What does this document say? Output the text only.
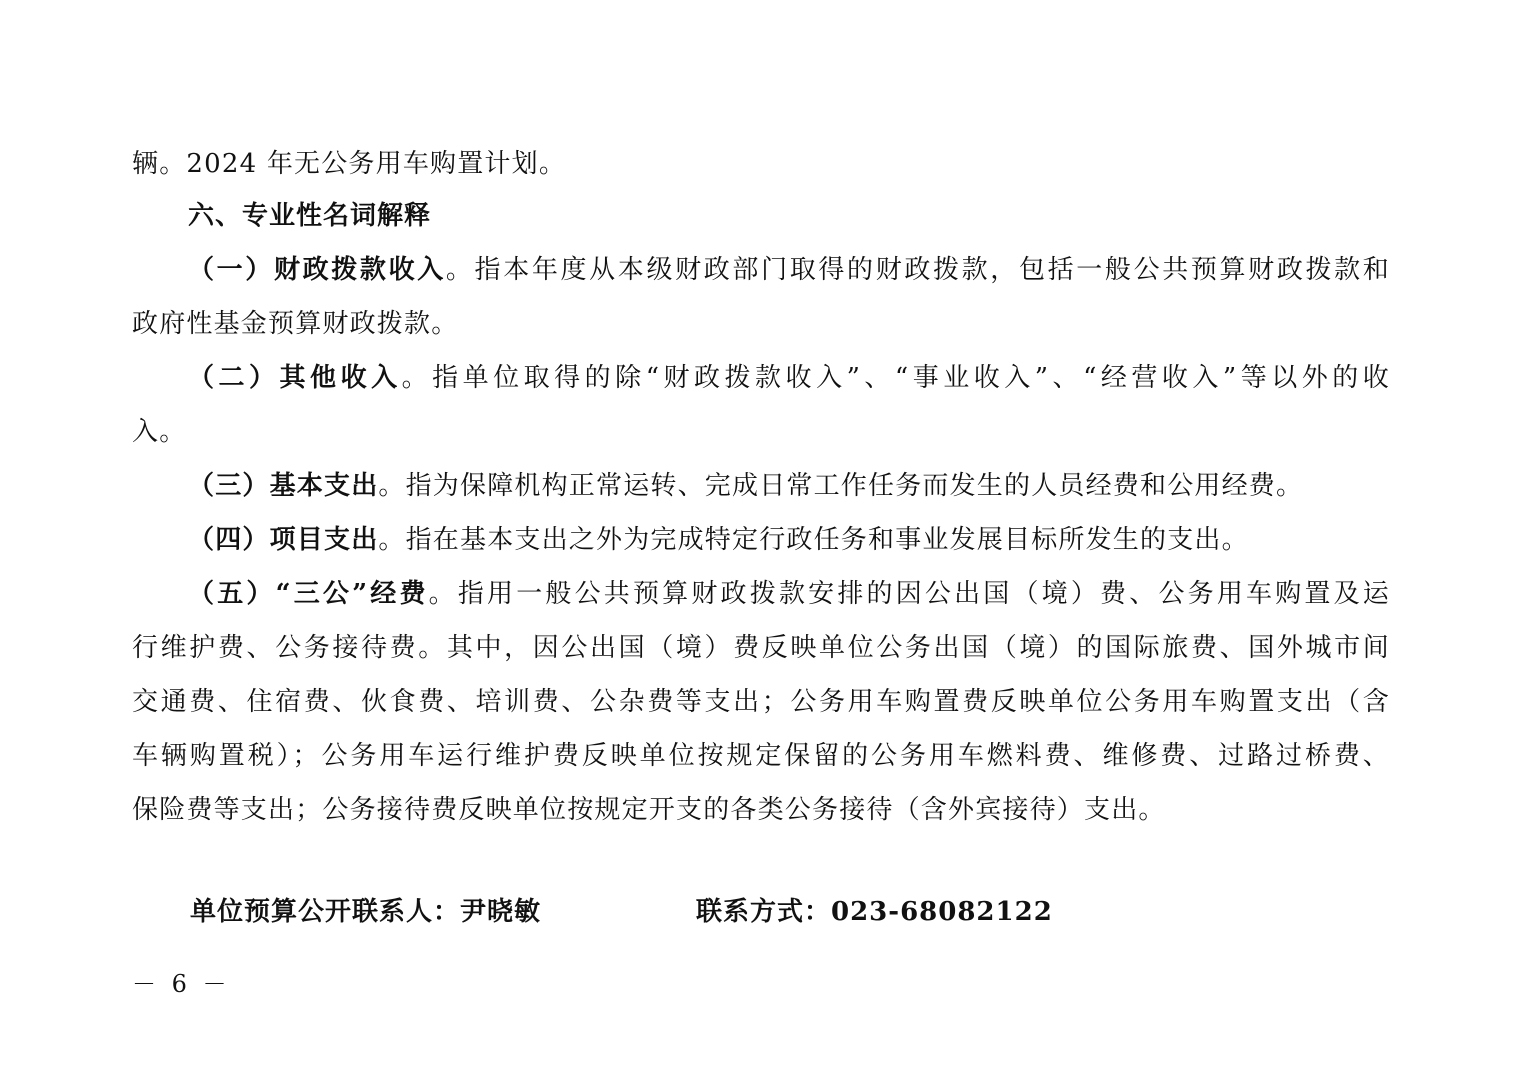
辆。2024 年无公务用车购置计划。
六、专业性名词解释
（一）财政拨款收入。指本年度从本级财政部门取得的财政拨款，包括一般公共预算财政拨款和
政府性基金预算财政拨款。
（二）其他收入。指单位取得的除“财政拨款收入”、“事业收入”、“经营收入”等以外的收
入。
（三）基本支出。指为保障机构正常运转、完成日常工作任务而发生的人员经费和公用经费。
（四）项目支出。指在基本支出之外为完成特定行政任务和事业发展目标所发生的支出。
（五）“三公”经费。指用一般公共预算财政拨款安排的因公出国（境）费、公务用车购置及运
行维护费、公务接待费。其中，因公出国（境）费反映单位公务出国（境）的国际旅费、国外城市间
交通费、住宿费、伙食费、培训费、公杂费等支出；公务用车购置费反映单位公务用车购置支出（含
车辆购置税）；公务用车运行维护费反映单位按规定保留的公务用车燃料费、维修费、过路过桥费、
保险费等支出；公务接待费反映单位按规定开支的各类公务接待（含外宾接待）支出。
单位预算公开联系人：尹晓敏	联系方式：023-68082122
－ 6 －
